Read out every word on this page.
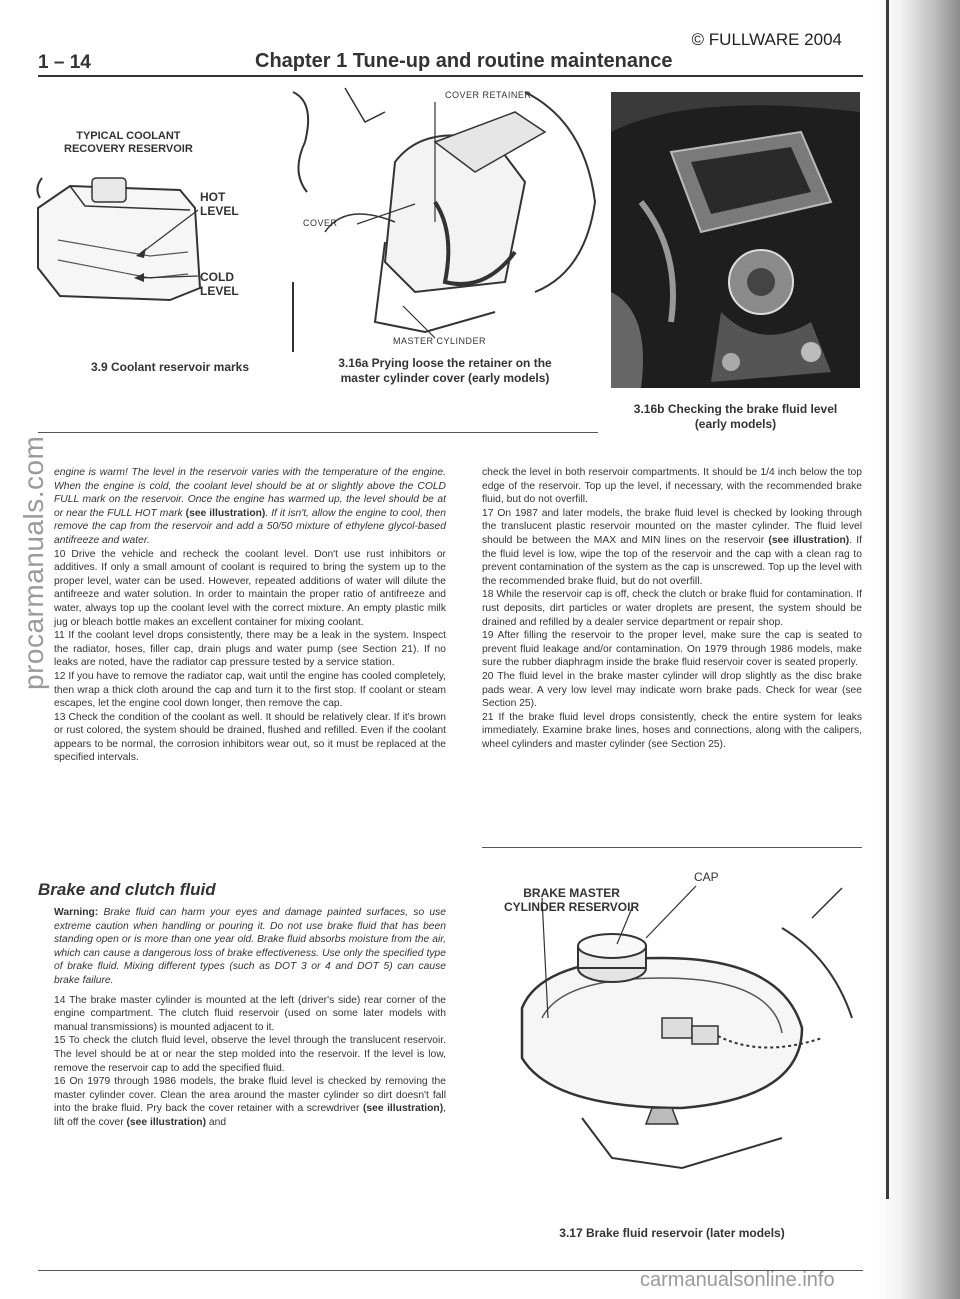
© FULLWARE 2004
1 – 14	Chapter 1 Tune-up and routine maintenance
TYPICAL COOLANT
RECOVERY RESERVOIR
HOT
LEVEL
COLD
LEVEL
3.9 Coolant reservoir marks
COVER RETAINER
COVER
MASTER CYLINDER
3.16a Prying loose the retainer on the
master cylinder cover (early models)
3.16b Checking the brake fluid level
(early models)

engine is warm! The level in the reservoir varies with the temperature of the engine. When the engine is cold, the coolant level should be at or slightly above the COLD FULL mark on the reservoir. Once the engine has warmed up, the level should be at or near the FULL HOT mark (see illustration). If it isn't, allow the engine to cool, then remove the cap from the reservoir and add a 50/50 mixture of ethylene glycol-based antifreeze and water.

10 Drive the vehicle and recheck the coolant level. Don't use rust inhibitors or additives. If only a small amount of coolant is required to bring the system up to the proper level, water can be used. However, repeated additions of water will dilute the antifreeze and water solution. In order to maintain the proper ratio of antifreeze and water, always top up the coolant level with the correct mixture. An empty plastic milk jug or bleach bottle makes an excellent container for mixing coolant.

11 If the coolant level drops consistently, there may be a leak in the system. Inspect the radiator, hoses, filler cap, drain plugs and water pump (see Section 21). If no leaks are noted, have the radiator cap pressure tested by a service station.

12 If you have to remove the radiator cap, wait until the engine has cooled completely, then wrap a thick cloth around the cap and turn it to the first stop. If coolant or steam escapes, let the engine cool down longer, then remove the cap.

13 Check the condition of the coolant as well. It should be relatively clear. If it's brown or rust colored, the system should be drained, flushed and refilled. Even if the coolant appears to be normal, the corrosion inhibitors wear out, so it must be replaced at the specified intervals.

Brake and clutch fluid

Warning: Brake fluid can harm your eyes and damage painted surfaces, so use extreme caution when handling or pouring it. Do not use brake fluid that has been standing open or is more than one year old. Brake fluid absorbs moisture from the air, which can cause a dangerous loss of brake effectiveness. Use only the specified type of brake fluid. Mixing different types (such as DOT 3 or 4 and DOT 5) can cause brake failure.

14 The brake master cylinder is mounted at the left (driver's side) rear corner of the engine compartment. The clutch fluid reservoir (used on some later models with manual transmissions) is mounted adjacent to it.

15 To check the clutch fluid level, observe the level through the translucent reservoir. The level should be at or near the step molded into the reservoir. If the level is low, remove the reservoir cap to add the specified fluid.

16 On 1979 through 1986 models, the brake fluid level is checked by removing the master cylinder cover. Clean the area around the master cylinder so dirt doesn't fall into the brake fluid. Pry back the cover retainer with a screwdriver (see illustration), lift off the cover (see illustration) and

check the level in both reservoir compartments. It should be 1/4 inch below the top edge of the reservoir. Top up the level, if necessary, with the recommended brake fluid, but do not overfill.

17 On 1987 and later models, the brake fluid level is checked by looking through the translucent plastic reservoir mounted on the master cylinder. The fluid level should be between the MAX and MIN lines on the reservoir (see illustration). If the fluid level is low, wipe the top of the reservoir and the cap with a clean rag to prevent contamination of the system as the cap is unscrewed. Top up the level with the recommended brake fluid, but do not overfill.

18 While the reservoir cap is off, check the clutch or brake fluid for contamination. If rust deposits, dirt particles or water droplets are present, the system should be drained and refilled by a dealer service department or repair shop.

19 After filling the reservoir to the proper level, make sure the cap is seated to prevent fluid leakage and/or contamination. On 1979 through 1986 models, make sure the rubber diaphragm inside the brake fluid reservoir cover is seated properly.

20 The fluid level in the brake master cylinder will drop slightly as the disc brake pads wear. A very low level may indicate worn brake pads. Check for wear (see Section 25).

21 If the brake fluid level drops consistently, check the entire system for leaks immediately. Examine brake lines, hoses and connections, along with the calipers, wheel cylinders and master cylinder (see Section 25).

BRAKE MASTER
CYLINDER RESERVOIR
CAP
3.17 Brake fluid reservoir (later models)
procarmanuals.com
carmanualsonline.info
